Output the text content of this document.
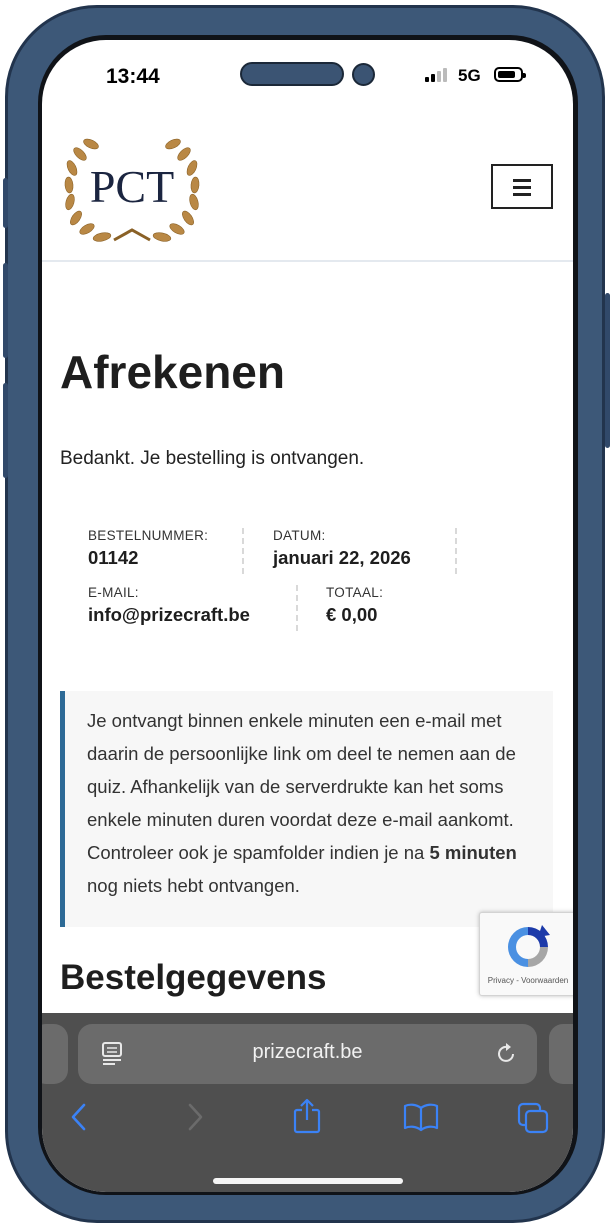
13:44	5G
PCT
Afrekenen
Bedankt. Je bestelling is ontvangen.
BESTELNUMMER:
01142
DATUM:
januari 22, 2026
E-MAIL:
info@prizecraft.be
TOTAAL:
€ 0,00

Je ontvangt binnen enkele minuten een e-mail met daarin de persoonlijke link om deel te nemen aan de quiz. Afhankelijk van de serverdrukte kan het soms enkele minuten duren voordat deze e-mail aankomt. Controleer ook je spamfolder indien je na 5 minuten nog niets hebt ontvangen.

Bestelgegevens	Privacy - Voorwaarden
prizecraft.be
